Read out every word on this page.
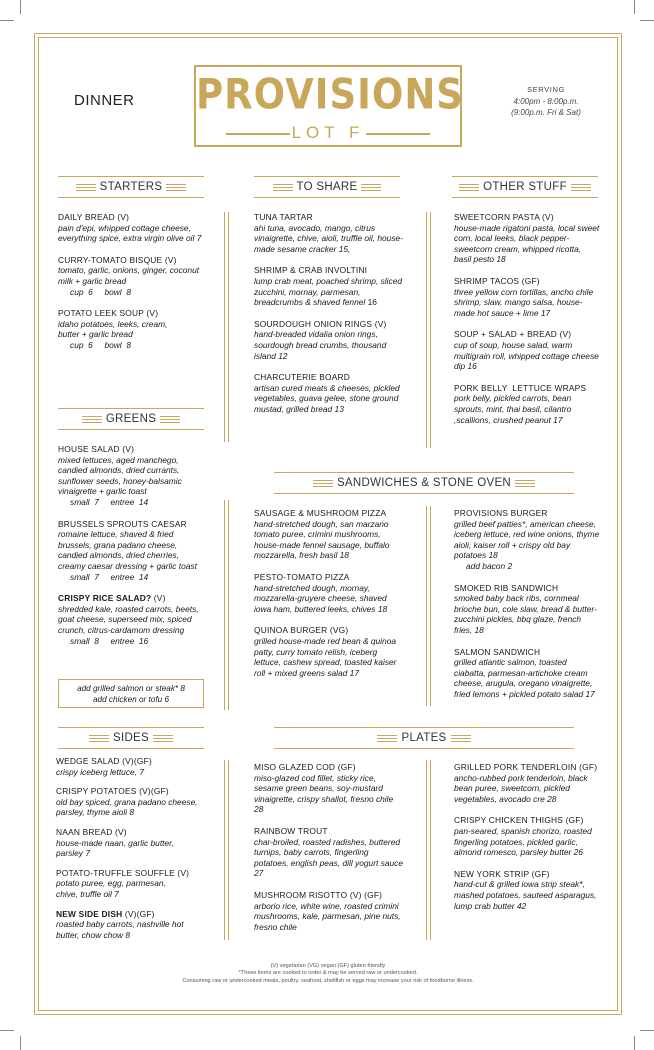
DINNER PROVISIONS
LOT F
SERVING
4:00pm - 8:00p.m.
(9:00p.m. Fri & Sat)
STARTERS	TO SHARE	OTHER STUFF
GREENS
SANDWICHES & STONE OVEN
SIDES	PLATES
DAILY BREAD (V)
pain d'epi, whipped cottage cheese, everything spice, extra virgin olive oil 7
CURRY-TOMATO BISQUE (V)
tomato, garlic, onions, ginger, coconut milk + garlic bread
cup  6     bowl  8
POTATO LEEK SOUP (V)
idaho potatoes, leeks, cream, butter + garlic bread
cup  6     bowl  8
HOUSE SALAD (V)
mixed lettuces, aged manchego, candied almonds, dried currants, sunflower seeds, honey-balsamic vinaigrette + garlic toast
small  7     entree  14
BRUSSELS SPROUTS CAESAR
romaine lettuce, shaved & fried brussels, grana padano cheese, candied almonds, dried cherries, creamy caesar dressing + garlic toast
small  7     entree  14
CRISPY RICE SALAD? (V)
shredded kale, roasted carrots, beets, goat cheese, superseed mix, spiced crunch, citrus-cardamom dressing
small  8     entree  16
add grilled salmon or steak* 8
add chicken or tofu 6
WEDGE SALAD (V)(GF)
crispy iceberg lettuce, 7
CRISPY POTATOES (V)(GF)
old bay spiced, grana padano cheese, parsley, thyme aioli 8
NAAN BREAD (V)
house-made naan, garlic butter, parsley 7
POTATO-TRUFFLE SOUFFLE (V)
potato puree, egg, parmesan, chive, truffle oil 7
NEW SIDE DISH (V)(GF)
roasted baby carrots, nashville hot butter, chow chow 8
TUNA TARTAR
ahi tuna, avocado, mango, citrus vinaigrette, chive, aioli, truffle oil, house-made sesame cracker 15,
SHRIMP & CRAB INVOLTINI
lump crab meat, poached shrimp, sliced zucchini, mornay, parmesan, breadcrumbs & shaved fennel 16
SOURDOUGH ONION RINGS (V)
hand-breaded vidalia onion rings, sourdough bread crumbs, thousand island 12
CHARCUTERIE BOARD
artisan cured meats & cheeses, pickled vegetables, guava gelee, stone ground mustad, grilled bread 13
SWEETCORN PASTA (V)
house-made rigatoni pasta, local sweet corn, local leeks, black pepper-sweetcorn cream, whipped ricotta, basil pesto 18
SHRIMP TACOS (GF)
three yellow corn tortillas, ancho chile shrimp, slaw, mango salsa, house-made hot sauce + lime 17
SOUP + SALAD + BREAD (V)
cup of soup, house salad, warm multigrain roll, whipped cottage cheese dip 16
PORK BELLY  LETTUCE WRAPS
pork belly, pickled carrots, bean sprouts, mint, thai basil, cilantro ,scallions, crushed peanut 17
SAUSAGE & MUSHROOM PIZZA
hand-stretched dough, san marzano tomato puree, crimini mushrooms, house-made fennel sausage, buffalo mozzarella, fresh basil 18
PESTO-TOMATO PIZZA
hand-stretched dough, mornay, mozzarella-gruyere cheese, shaved iowa ham, buttered leeks, chives 18
QUINOA BURGER (VG)
grilled house-made red bean & quinoa patty, curry tomato relish, iceberg lettuce, cashew spread, toasted kaiser roll + mixed greens salad 17
PROVISIONS BURGER
grilled beef patties*, american cheese, iceberg lettuce, red wine onions, thyme aioli, kaiser roll + crispy old bay potatoes 18
add bacon 2
SMOKED RIB SANDWICH
smoked baby back ribs, cornmeal brioche bun, cole slaw, bread & butter-zucchini pickles, bbq glaze, french fries, 18
SALMON SANDWICH
grilled atlantic salmon, toasted ciabatta, parmesan-artichoke cream cheese, arugula, oregano vinaigrette, fried lemons + pickled potato salad 17
MISO GLAZED COD (GF)
miso-glazed cod fillet, sticky rice, sesame green beans, soy-mustard vinaigrette, crispy shallot, fresno chile 28
RAINBOW TROUT
char-broiled, roasted radishes, buttered turnips, baby carrots, fingerling potatoes, english peas, dill yogurt sauce 27
MUSHROOM RISOTTO (V) (GF)
arborio rice, white wine, roasted crimini mushrooms, kale, parmesan, pine nuts, fresno chile
GRILLED PORK TENDERLOIN (GF)
ancho-rubbed pork tenderloin, black bean puree, sweetcorn, pickled vegetables, avocado cre 28
CRISPY CHICKEN THIGHS (GF)
pan-seared, spanish chorizo, roasted fingerling potatoes, pickled garlic, almond romesco, parsley butter 26
NEW YORK STRIP (GF)
hand-cut & grilled iowa strip steak*, mashed potatoes, sauteed asparagus, lump crab butter 42
(V) vegetarian (VG) vegan (GF) gluten friendly
*These items are cooked to order & may be served raw or undercooked.
Consuming raw or undercooked meats, poultry, seafood, shellfish or eggs may increase your risk of foodborne illness.
